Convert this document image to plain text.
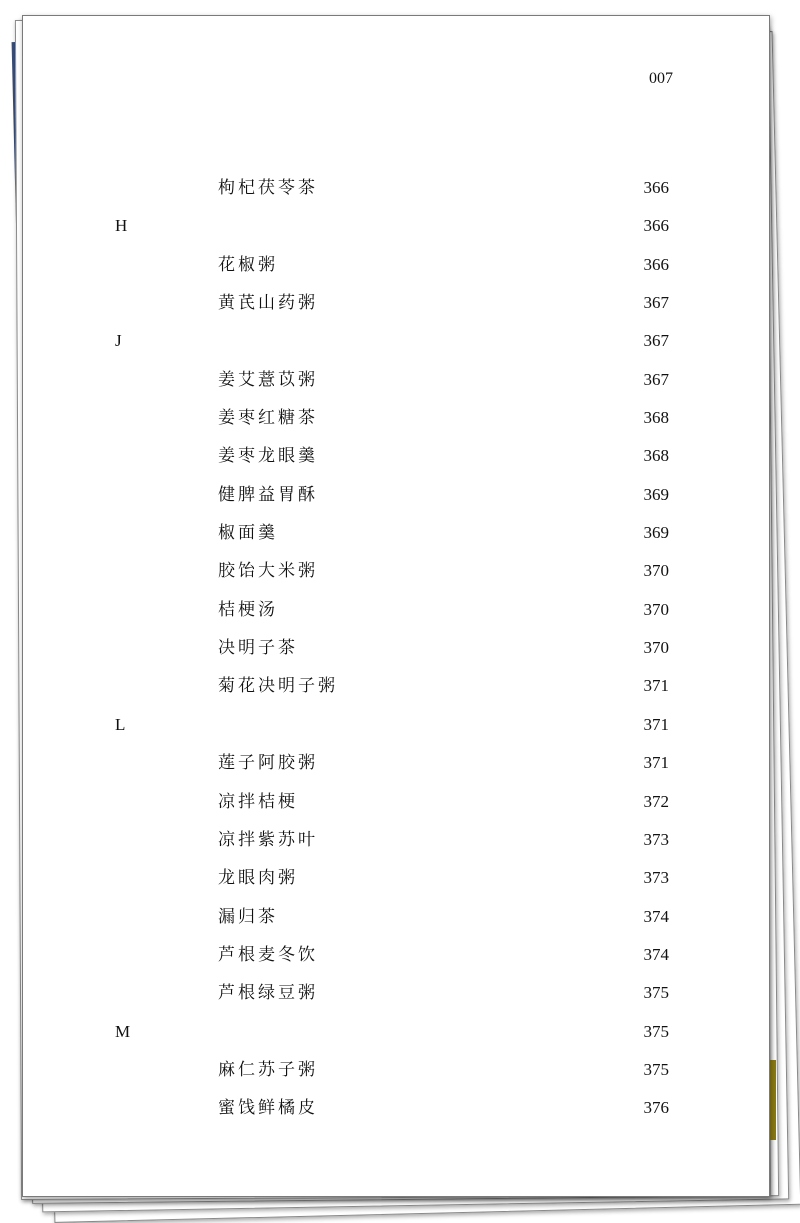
007
枸杞茯苓茶	366
H	366
花椒粥	366
黄芪山药粥	367
J	367
姜艾薏苡粥	367
姜枣红糖茶	368
姜枣龙眼羹	368
健脾益胃酥	369
椒面羹	369
胶饴大米粥	370
桔梗汤	370
决明子茶	370
菊花决明子粥	371
L	371
莲子阿胶粥	371
凉拌桔梗	372
凉拌紫苏叶	373
龙眼肉粥	373
漏归茶	374
芦根麦冬饮	374
芦根绿豆粥	375
M	375
麻仁苏子粥	375
蜜饯鲜橘皮	376
